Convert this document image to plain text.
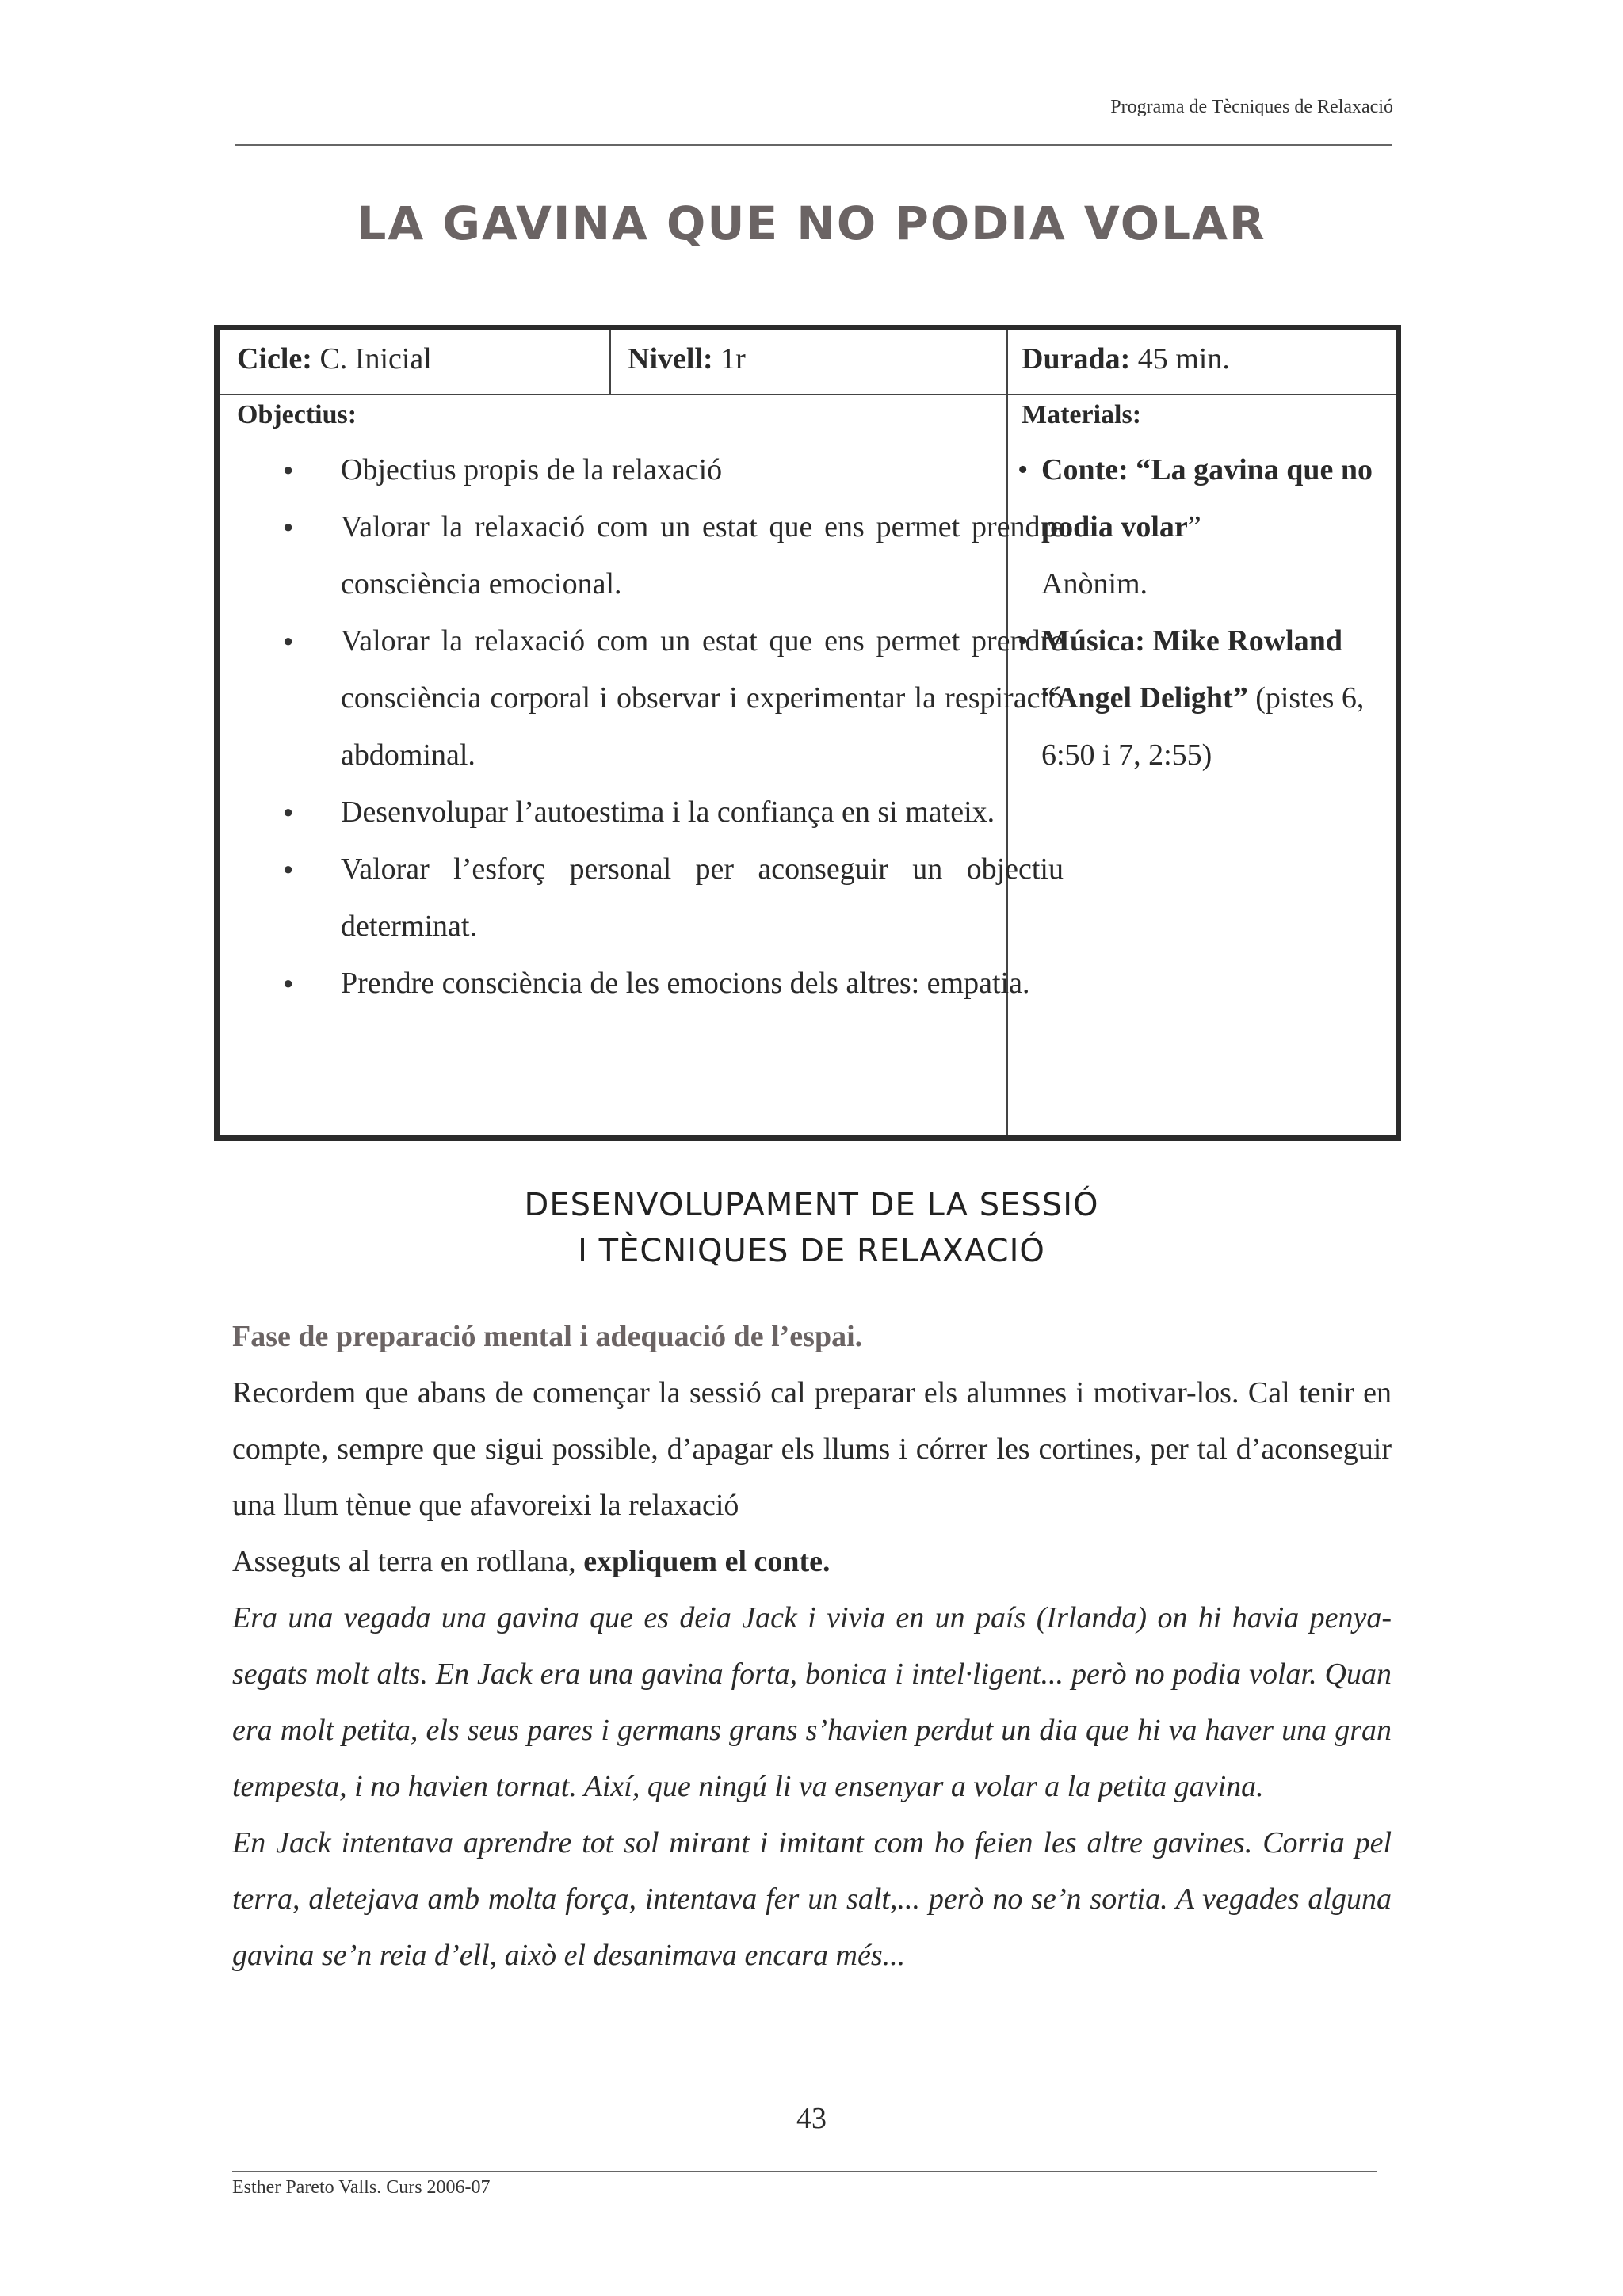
Programa de Tècniques de Relaxació
LA GAVINA QUE NO PODIA VOLAR
Cicle: C. Inicial	Nivell: 1r	Durada: 45 min.
Objectius:
● Objectius propis de la relaxació
● Valorar la relaxació com un estat que ens permet prendre consciència emocional.
● Valorar la relaxació com un estat que ens permet prendre consciència corporal i observar i experimentar la respiració abdominal.
● Desenvolupar l’autoestima i la confiança en si mateix.
● Valorar l’esforç personal per aconseguir un objectiu determinat.
● Prendre consciència de les emocions dels altres: empatia.
Materials:
• Conte: “La gavina que no podia volar”
Anònim.
• Música: Mike Rowland “Angel Delight” (pistes 6, 6:50 i 7, 2:55)
DESENVOLUPAMENT DE LA SESSIÓ
I TÈCNIQUES DE RELAXACIÓ

Fase de preparació mental i adequació de l’espai.

Recordem que abans de començar la sessió cal preparar els alumnes i motivar-los. Cal tenir en compte, sempre que sigui possible, d’apagar els llums i córrer les cortines, per tal d’aconseguir una llum tènue que afavoreixi la relaxació

Asseguts al terra en rotllana, expliquem el conte.

Era una vegada una gavina que es deia Jack i vivia en un país (Irlanda) on hi havia penya-segats molt alts. En Jack era una gavina forta, bonica i intel·ligent... però no podia volar. Quan era molt petita, els seus pares i germans grans s’havien perdut un dia que hi va haver una gran tempesta, i no havien tornat. Així, que ningú li va ensenyar a volar a la petita gavina.

En Jack intentava aprendre tot sol mirant i imitant com ho feien les altre gavines. Corria pel terra, aletejava amb molta força, intentava fer un salt,... però no se’n sortia. A vegades alguna gavina se’n reia d’ell, això el desanimava encara més...

43
Esther Pareto Valls. Curs 2006-07
